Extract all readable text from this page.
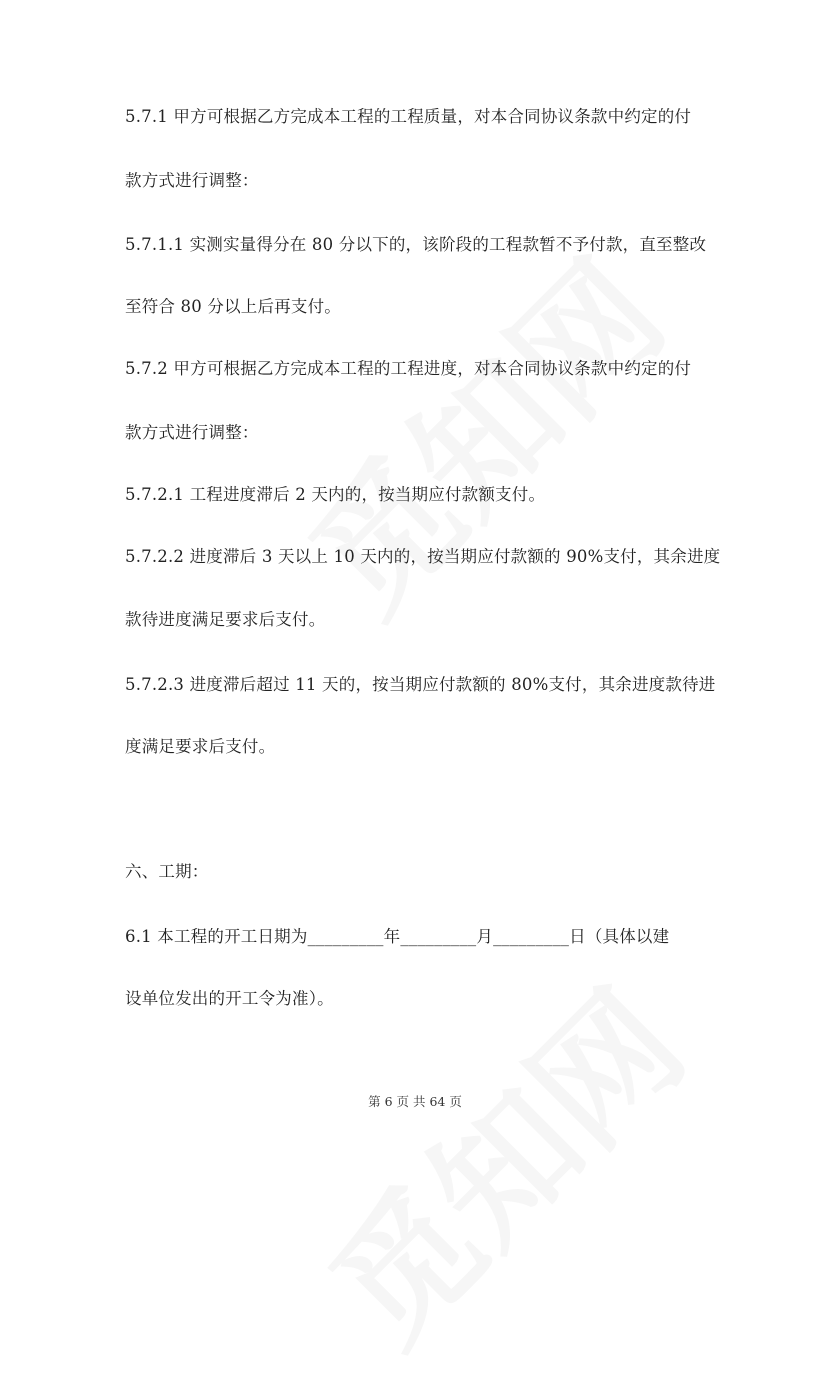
5.7.1 甲方可根据乙方完成本工程的工程质量，对本合同协议条款中约定的付
款方式进行调整：
5.7.1.1 实测实量得分在 80 分以下的，该阶段的工程款暂不予付款，直至整改
至符合 80 分以上后再支付。
5.7.2 甲方可根据乙方完成本工程的工程进度，对本合同协议条款中约定的付
款方式进行调整：
5.7.2.1 工程进度滞后 2 天内的，按当期应付款额支付。
5.7.2.2 进度滞后 3 天以上 10 天内的，按当期应付款额的 90%支付，其余进度
款待进度满足要求后支付。
5.7.2.3 进度滞后超过 11 天的，按当期应付款额的 80%支付，其余进度款待进
度满足要求后支付。
六、工期：
6.1 本工程的开工日期为_________年_________月_________日（具体以建
设单位发出的开工令为准）。
第 6 页 共 64 页
